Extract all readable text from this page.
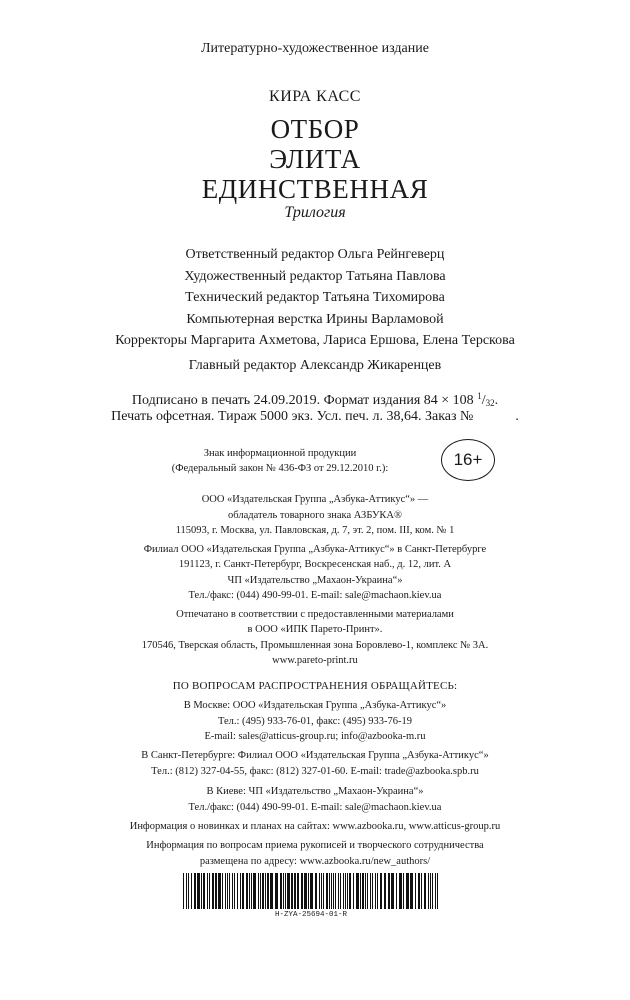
Литературно-художественное издание
КИРА КАСС
ОТБОР
ЭЛИТА
ЕДИНСТВЕННАЯ
Трилогия
Ответственный редактор Ольга Рейнгеверц
Художественный редактор Татьяна Павлова
Технический редактор Татьяна Тихомирова
Компьютерная верстка Ирины Варламовой
Корректоры Маргарита Ахметова, Лариса Ершова, Елена Терскова
Главный редактор Александр Жикаренцев
Подписано в печать 24.09.2019. Формат издания 84 × 108 $^1/_{32}$.
Печать офсетная. Тираж 5000 экз. Усл. печ. л. 38,64. Заказ №            .
Знак информационной продукции
(Федеральный закон № 436-ФЗ от 29.12.2010 г.):	16+
ООО «Издательская Группа „Азбука-Аттикус“» —
обладатель товарного знака АЗБУКА®
115093, г. Москва, ул. Павловская, д. 7, эт. 2, пом. III, ком. № 1
Филиал ООО «Издательская Группа „Азбука-Аттикус“» в Санкт-Петербурге
191123, г. Санкт-Петербург, Воскресенская наб., д. 12, лит. А
ЧП «Издательство „Махаон-Украина“»
Тел./факс: (044) 490-99-01. E-mail: sale@machaon.kiev.ua
Отпечатано в соответствии с предоставленными материалами
в ООО «ИПК Парето-Принт».
170546, Тверская область, Промышленная зона Боровлево-1, комплекс № 3А.
www.pareto-print.ru
ПО ВОПРОСАМ РАСПРОСТРАНЕНИЯ ОБРАЩАЙТЕСЬ:
В Москве: ООО «Издательская Группа „Азбука-Аттикус“»
Тел.: (495) 933-76-01, факс: (495) 933-76-19
E-mail: sales@atticus-group.ru; info@azbooka-m.ru
В Санкт-Петербурге: Филиал ООО «Издательская Группа „Азбука-Аттикус“»
Тел.: (812) 327-04-55, факс: (812) 327-01-60. E-mail: trade@azbooka.spb.ru
В Киеве: ЧП «Издательство „Махаон-Украина“»
Тел./факс: (044) 490-99-01. E-mail: sale@machaon.kiev.ua
Информация о новинках и планах на сайтах: www.azbooka.ru, www.atticus-group.ru
Информация по вопросам приема рукописей и творческого сотрудничества
размещена по адресу: www.azbooka.ru/new_authors/
H-ZYA-25694-01-R
